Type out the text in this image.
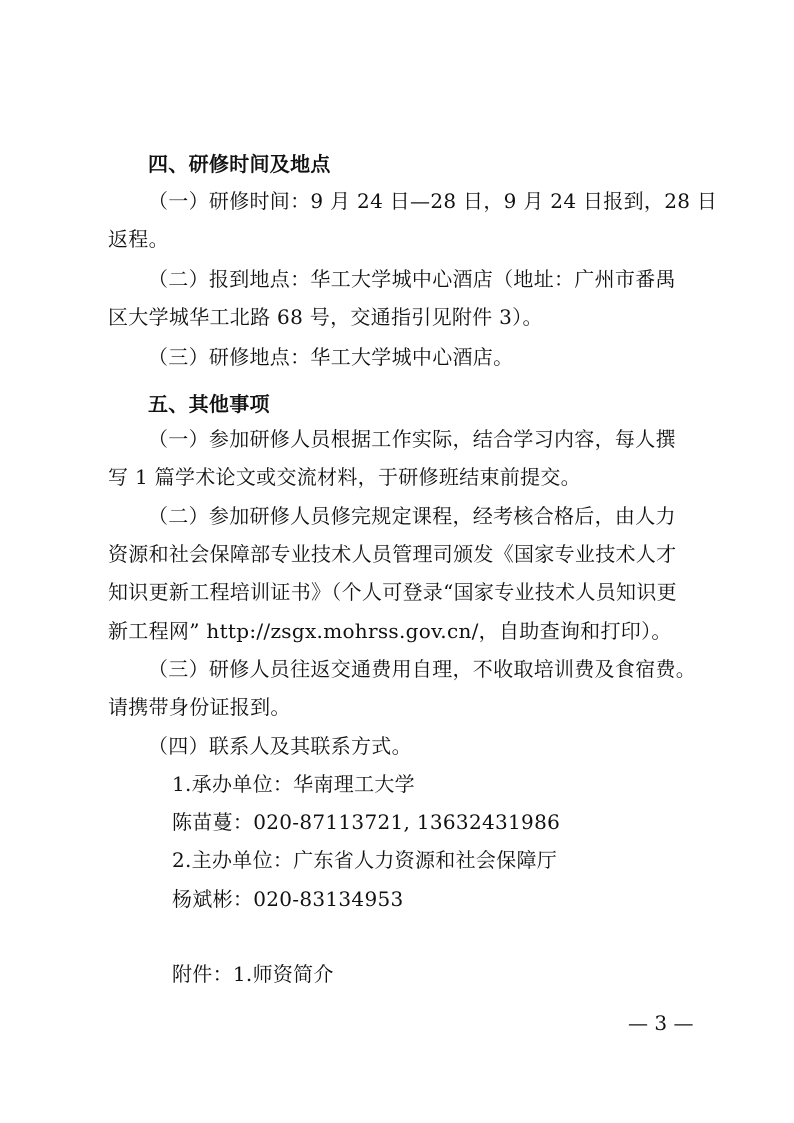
四、研修时间及地点
（一）研修时间：9 月 24 日—28 日，9 月 24 日报到，28 日
返程。
（二）报到地点：华工大学城中心酒店（地址：广州市番禺
区大学城华工北路 68 号，交通指引见附件 3）。
（三）研修地点：华工大学城中心酒店。
五、其他事项
（一）参加研修人员根据工作实际，结合学习内容，每人撰
写 1 篇学术论文或交流材料，于研修班结束前提交。
（二）参加研修人员修完规定课程，经考核合格后，由人力
资源和社会保障部专业技术人员管理司颁发《国家专业技术人才
知识更新工程培训证书》（个人可登录“国家专业技术人员知识更
新工程网” http://zsgx.mohrss.gov.cn/，自助查询和打印）。
（三）研修人员往返交通费用自理，不收取培训费及食宿费。
请携带身份证报到。
（四）联系人及其联系方式。
1.承办单位：华南理工大学
陈苗蔓：020-87113721, 13632431986
2.主办单位：广东省人力资源和社会保障厅
杨斌彬：020-83134953
附件：1.师资简介
— 3 —
